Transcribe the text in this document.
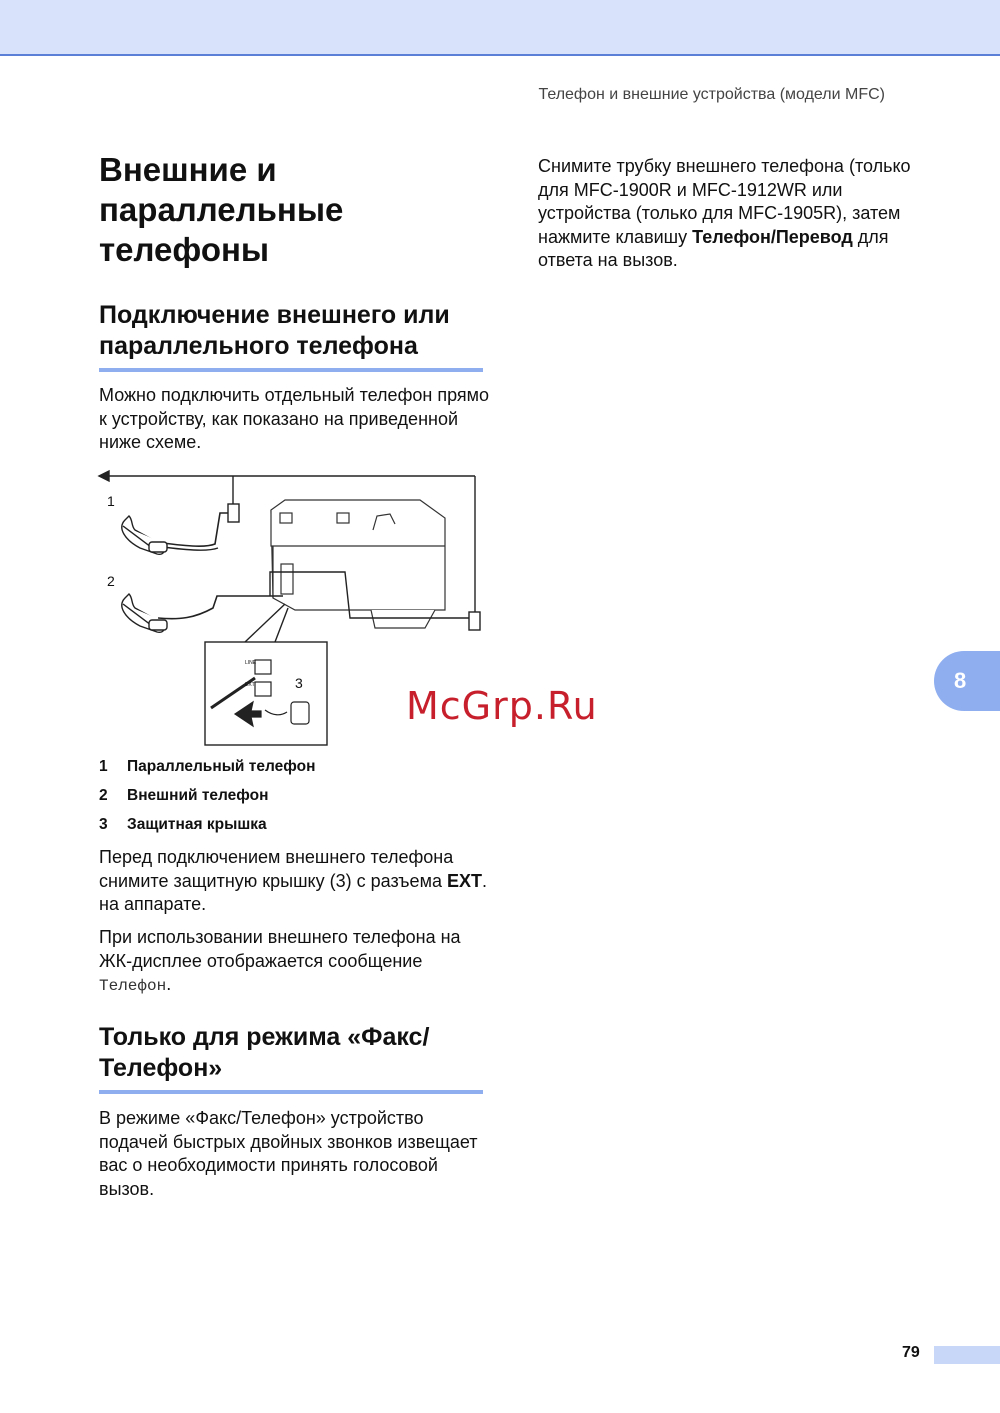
Телефон и внешние устройства (модели MFC)
Внешние и параллельные телефоны
Подключение внешнего или параллельного телефона
Можно подключить отдельный телефон прямо к устройству, как показано на приведенной ниже схеме.
1
2
3
LINE
EXT.
1	Параллельный телефон
2	Внешний телефон
3	Защитная крышка
Перед подключением внешнего телефона снимите защитную крышку (3) с разъема EXT. на аппарате.
При использовании внешнего телефона на ЖК-дисплее отображается сообщение Телефон.
Только для режима «Факс/Телефон»
В режиме «Факс/Телефон» устройство подачей быстрых двойных звонков извещает вас о необходимости принять голосовой вызов.
Снимите трубку внешнего телефона (только для MFC-1900R и MFC-1912WR или устройства (только для MFC-1905R), затем нажмите клавишу Телефон/Перевод для ответа на вызов.
8
McGrp.Ru
79
